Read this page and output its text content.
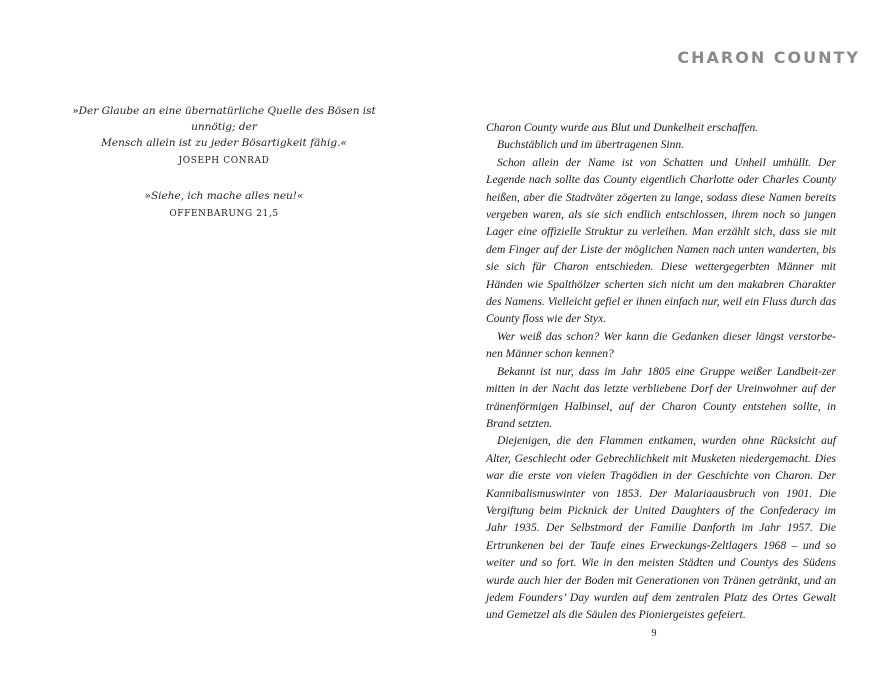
»Der Glaube an eine übernatürliche Quelle des Bösen ist unnötig; der
Mensch allein ist zu jeder Bösartigkeit fähig.«

JOSEPH CONRAD

»Siehe, ich mache alles neu!«

OFFENBARUNG 21,5
CHARON COUNTY

Charon County wurde aus Blut und Dunkelheit erschaffen.

Buchstäblich und im übertragenen Sinn.

Schon allein der Name ist von Schatten und Unheil umhüllt. Der Legende nach sollte das County eigentlich Charlotte oder Charles County heißen, aber die Stadtväter zögerten zu lange, sodass diese Namen bereits vergeben waren, als sie sich endlich entschlossen, ihrem noch so jungen Lager eine offizielle Struktur zu verleihen. Man erzählt sich, dass sie mit dem Finger auf der Liste der möglichen Namen nach unten wanderten, bis sie sich für Charon entschieden. Diese wettergegerbten Männer mit Händen wie Spalthölzer scherten sich nicht um den makabren Charakter des Namens. Vielleicht gefiel er ihnen einfach nur, weil ein Fluss durch das County floss wie der Styx.

Wer weiß das schon? Wer kann die Gedanken dieser längst verstorbe-nen Männer schon kennen?

Bekannt ist nur, dass im Jahr 1805 eine Gruppe weißer Landbeit-zer mitten in der Nacht das letzte verbliebene Dorf der Ureinwohner auf der tränenförmigen Halbinsel, auf der Charon County entstehen sollte, in Brand setzten.

Diejenigen, die den Flammen entkamen, wurden ohne Rücksicht auf Alter, Geschlecht oder Gebrechlichkeit mit Musketen niedergemacht. Dies war die erste von vielen Tragödien in der Geschichte von Charon. Der Kannibalismuswinter von 1853. Der Malariaausbruch von 1901. Die Vergiftung beim Picknick der United Daughters of the Confederacy im Jahr 1935. Der Selbstmord der Familie Danforth im Jahr 1957. Die Ertrunkenen bei der Taufe eines Erweckungs-Zeltlagers 1968 – und so weiter und so fort. Wie in den meisten Städten und Countys des Südens wurde auch hier der Boden mit Generationen von Tränen getränkt, und an jedem Founders’ Day wurden auf dem zentralen Platz des Ortes Gewalt und Gemetzel als die Säulen des Pioniergeistes gefeiert.

9
